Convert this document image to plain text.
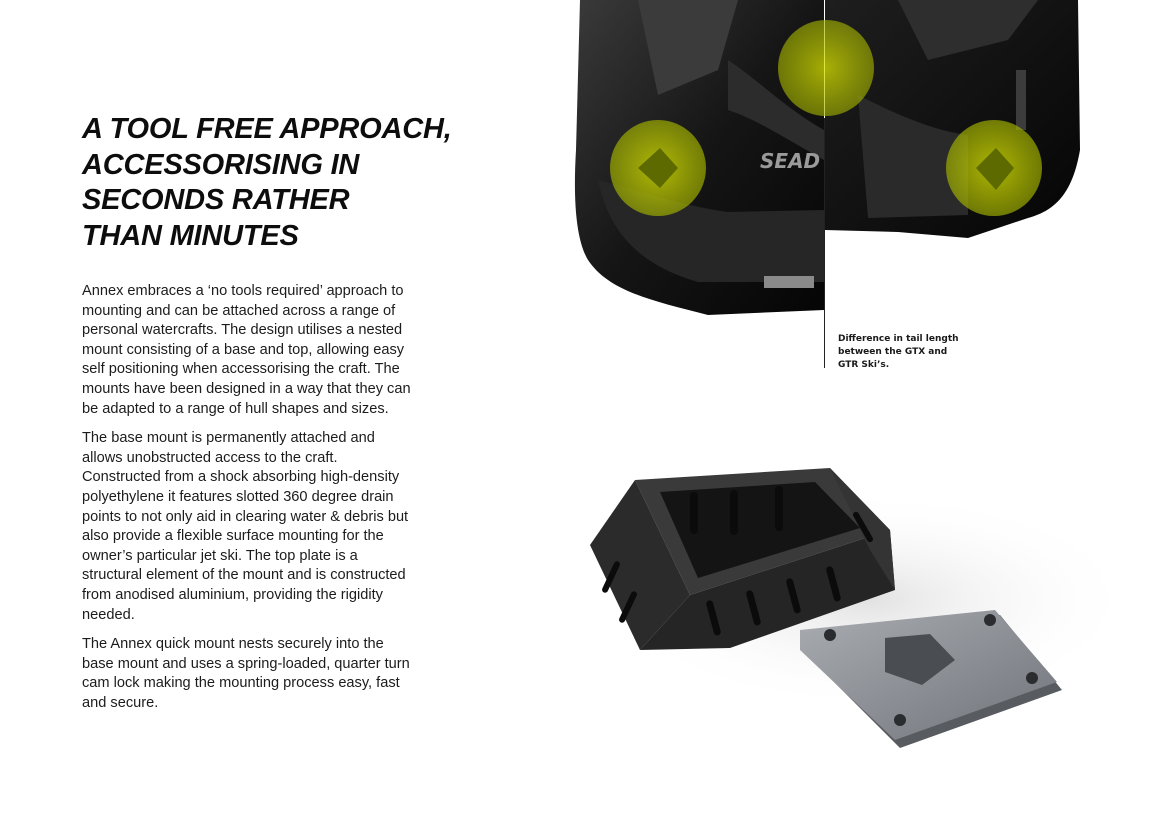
A TOOL FREE APPROACH,
ACCESSORISING IN
SECONDS RATHER
THAN MINUTES

Annex embraces a ‘no tools required’ approach to mounting and can be attached across a range of personal watercrafts. The design utilises a nested mount consisting of a base and top, allowing easy self positioning when accessorising the craft. The mounts have been designed in a way that they can be adapted to a range of hull shapes and sizes.

The base mount is permanently attached and allows unobstructed access to the craft. Constructed from a shock absorbing high-density polyethylene it features slotted 360 degree drain points to not only aid in clearing water & debris but also provide a flexible surface mounting for the owner’s particular jet ski. The top plate is a structural element of the mount and is constructed from anodised aluminium, providing the rigidity needed.

The Annex quick mount nests securely into the base mount and uses a spring-loaded, quarter turn cam lock making the mounting process easy, fast and secure.

SEAD
Difference in tail length
between the GTX and
GTR Ski’s.
